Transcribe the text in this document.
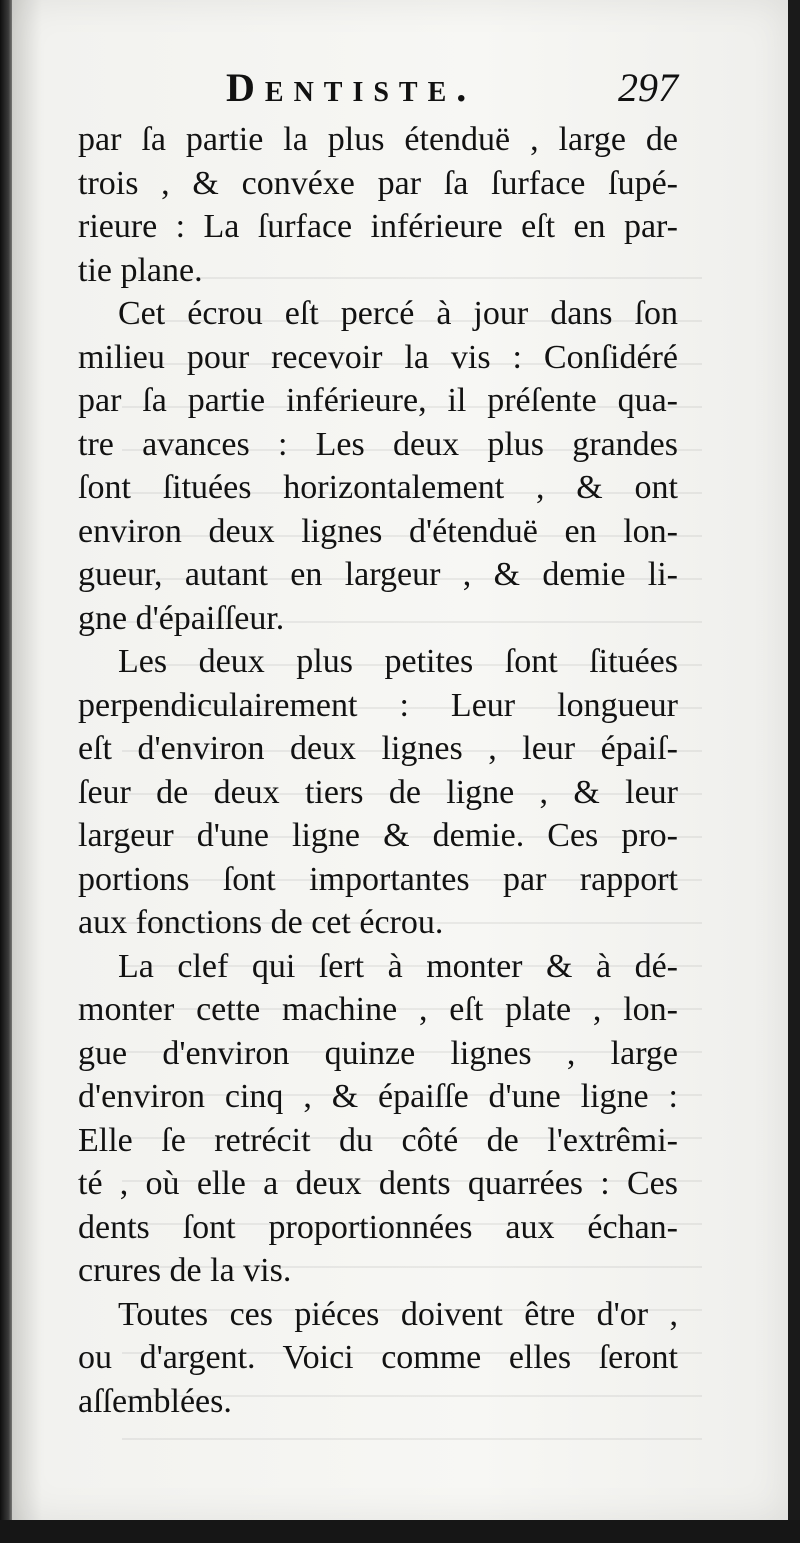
Dentiste.	297
par ſa partie la plus étenduë , large de
trois , & convéxe par ſa ſurface ſupé-
rieure : La ſurface inférieure eſt en par-
tie plane.
Cet écrou eſt percé à jour dans ſon
milieu pour recevoir la vis : Conſidéré
par ſa partie inférieure, il préſente qua-
tre avances : Les deux plus grandes
ſont ſituées horizontalement , & ont
environ deux lignes d'étenduë en lon-
gueur, autant en largeur , & demie li-
gne d'épaiſſeur.
Les deux plus petites ſont ſituées
perpendiculairement : Leur longueur
eſt d'environ deux lignes , leur épaiſ-
ſeur de deux tiers de ligne , & leur
largeur d'une ligne & demie. Ces pro-
portions ſont importantes par rapport
aux fonctions de cet écrou.
La clef qui ſert à monter & à dé-
monter cette machine , eſt plate , lon-
gue d'environ quinze lignes , large
d'environ cinq , & épaiſſe d'une ligne :
Elle ſe retrécit du côté de l'extrêmi-
té , où elle a deux dents quarrées : Ces
dents ſont proportionnées aux échan-
crures de la vis.
Toutes ces piéces doivent être d'or ,
ou d'argent. Voici comme elles ſeront
aſſemblées.
